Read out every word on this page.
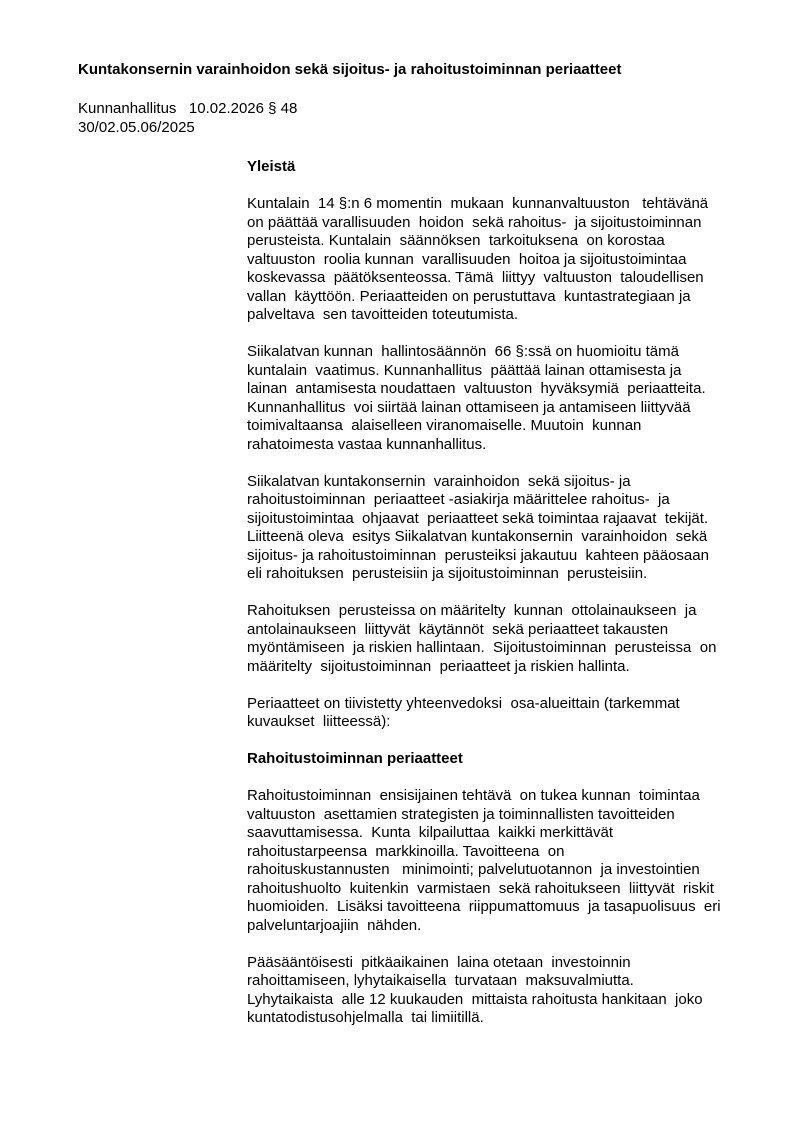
Kuntakonsernin varainhoidon sekä sijoitus- ja rahoitustoiminnan periaatteet
Kunnanhallitus   10.02.2026 § 48
30/02.05.06/2025
Yleistä
Kuntalain  14 §:n 6 momentin  mukaan  kunnanvaltuuston   tehtävänä
on päättää varallisuuden  hoidon  sekä rahoitus-  ja sijoitustoiminnan
perusteista. Kuntalain  säännöksen  tarkoituksena  on korostaa
valtuuston  roolia kunnan  varallisuuden  hoitoa ja sijoitustoimintaa
koskevassa  päätöksenteossa. Tämä  liittyy  valtuuston  taloudellisen
vallan  käyttöön. Periaatteiden on perustuttava  kuntastrategiaan ja
palveltava  sen tavoitteiden toteutumista.
Siikalatvan kunnan  hallintosäännön  66 §:ssä on huomioitu tämä
kuntalain  vaatimus. Kunnanhallitus  päättää lainan ottamisesta ja
lainan  antamisesta noudattaen  valtuuston  hyväksymiä  periaatteita.
Kunnanhallitus  voi siirtää lainan ottamiseen ja antamiseen liittyvää
toimivaltaansa  alaiselleen viranomaiselle. Muutoin  kunnan
rahatoimesta vastaa kunnanhallitus.
Siikalatvan kuntakonsernin  varainhoidon  sekä sijoitus- ja
rahoitustoiminnan  periaatteet -asiakirja määrittelee rahoitus-  ja
sijoitustoimintaa  ohjaavat  periaatteet sekä toimintaa rajaavat  tekijät.
Liitteenä oleva  esitys Siikalatvan kuntakonsernin  varainhoidon  sekä
sijoitus- ja rahoitustoiminnan  perusteiksi jakautuu  kahteen pääosaan
eli rahoituksen  perusteisiin ja sijoitustoiminnan  perusteisiin.
Rahoituksen  perusteissa on määritelty  kunnan  ottolainaukseen  ja
antolainaukseen  liittyvät  käytännöt  sekä periaatteet takausten
myöntämiseen  ja riskien hallintaan.  Sijoitustoiminnan  perusteissa  on
määritelty  sijoitustoiminnan  periaatteet ja riskien hallinta.
Periaatteet on tiivistetty yhteenvedoksi  osa-alueittain (tarkemmat
kuvaukset  liitteessä):
Rahoitustoiminnan periaatteet
Rahoitustoiminnan  ensisijainen tehtävä  on tukea kunnan  toimintaa
valtuuston  asettamien strategisten ja toiminnallisten tavoitteiden
saavuttamisessa.  Kunta  kilpailuttaa  kaikki merkittävät
rahoitustarpeensa  markkinoilla. Tavoitteena  on
rahoituskustannusten   minimointi; palvelutuotannon  ja investointien
rahoitushuolto  kuitenkin  varmistaen  sekä rahoitukseen  liittyvät  riskit
huomioiden.  Lisäksi tavoitteena  riippumattomuus  ja tasapuolisuus  eri
palveluntarjoajiin  nähden.
Pääsääntöisesti  pitkäaikainen  laina otetaan  investoinnin
rahoittamiseen, lyhytaikaisella  turvataan  maksuvalmiutta.
Lyhytaikaista  alle 12 kuukauden  mittaista rahoitusta hankitaan  joko
kuntatodistusohjelmalla  tai limiitillä.
